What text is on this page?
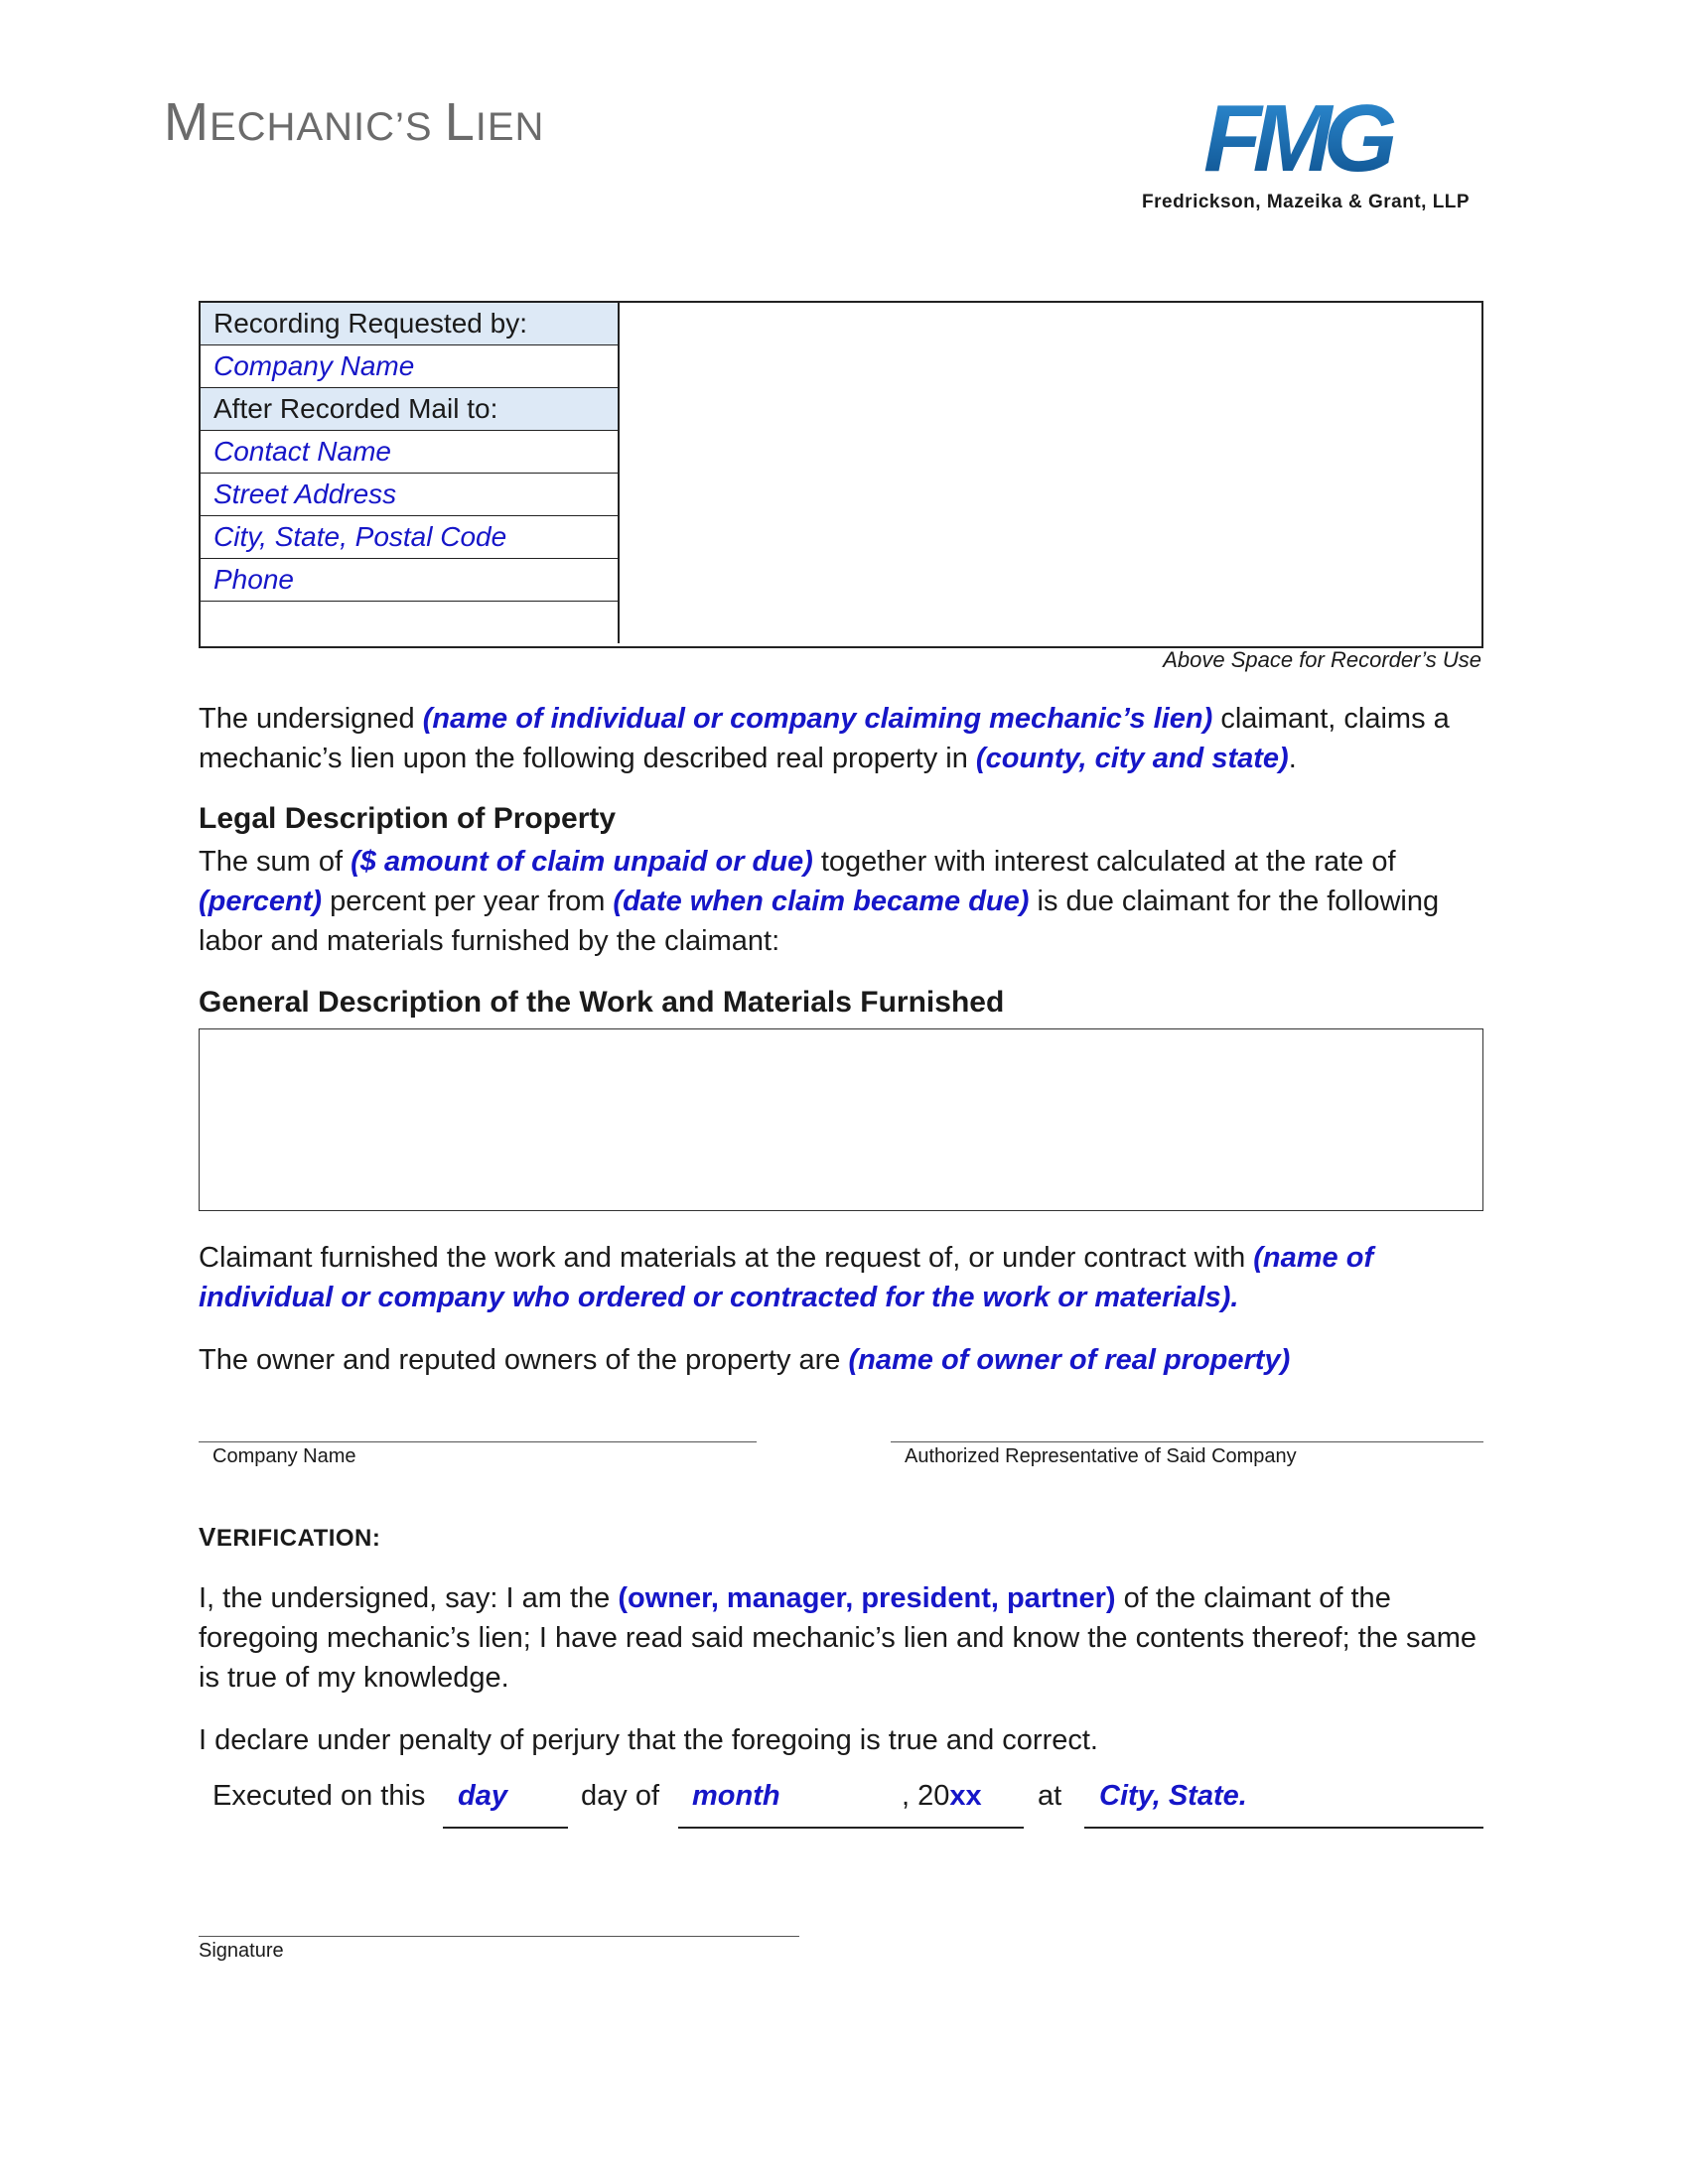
MECHANIC’S LIEN	FMG
Fredrickson, Mazeika & Grant, LLP
Recording Requested by:
Company Name
After Recorded Mail to:
Contact Name
Street Address
City, State, Postal Code
Phone

Above Space for Recorder’s Use
The undersigned (name of individual or company claiming mechanic’s lien) claimant, claims a mechanic’s lien upon the following described real property in (county, city and state).
Legal Description of Property
The sum of ($ amount of claim unpaid or due) together with interest calculated at the rate of (percent) percent per year from (date when claim became due) is due claimant for the following labor and materials furnished by the claimant:
General Description of the Work and Materials Furnished
Claimant furnished the work and materials at the request of, or under contract with (name of individual or company who ordered or contracted for the work or materials).
The owner and reputed owners of the property are (name of owner of real property)
Company Name	Authorized Representative of Said Company
VERIFICATION:
I, the undersigned, say: I am the (owner, manager, president, partner) of the claimant of the foregoing mechanic’s lien; I have read said mechanic’s lien and know the contents thereof; the same is true of my knowledge.
I declare under penalty of perjury that the foregoing is true and correct.
Executed on this day	day of month	, 20xx at City, State.
Signature
